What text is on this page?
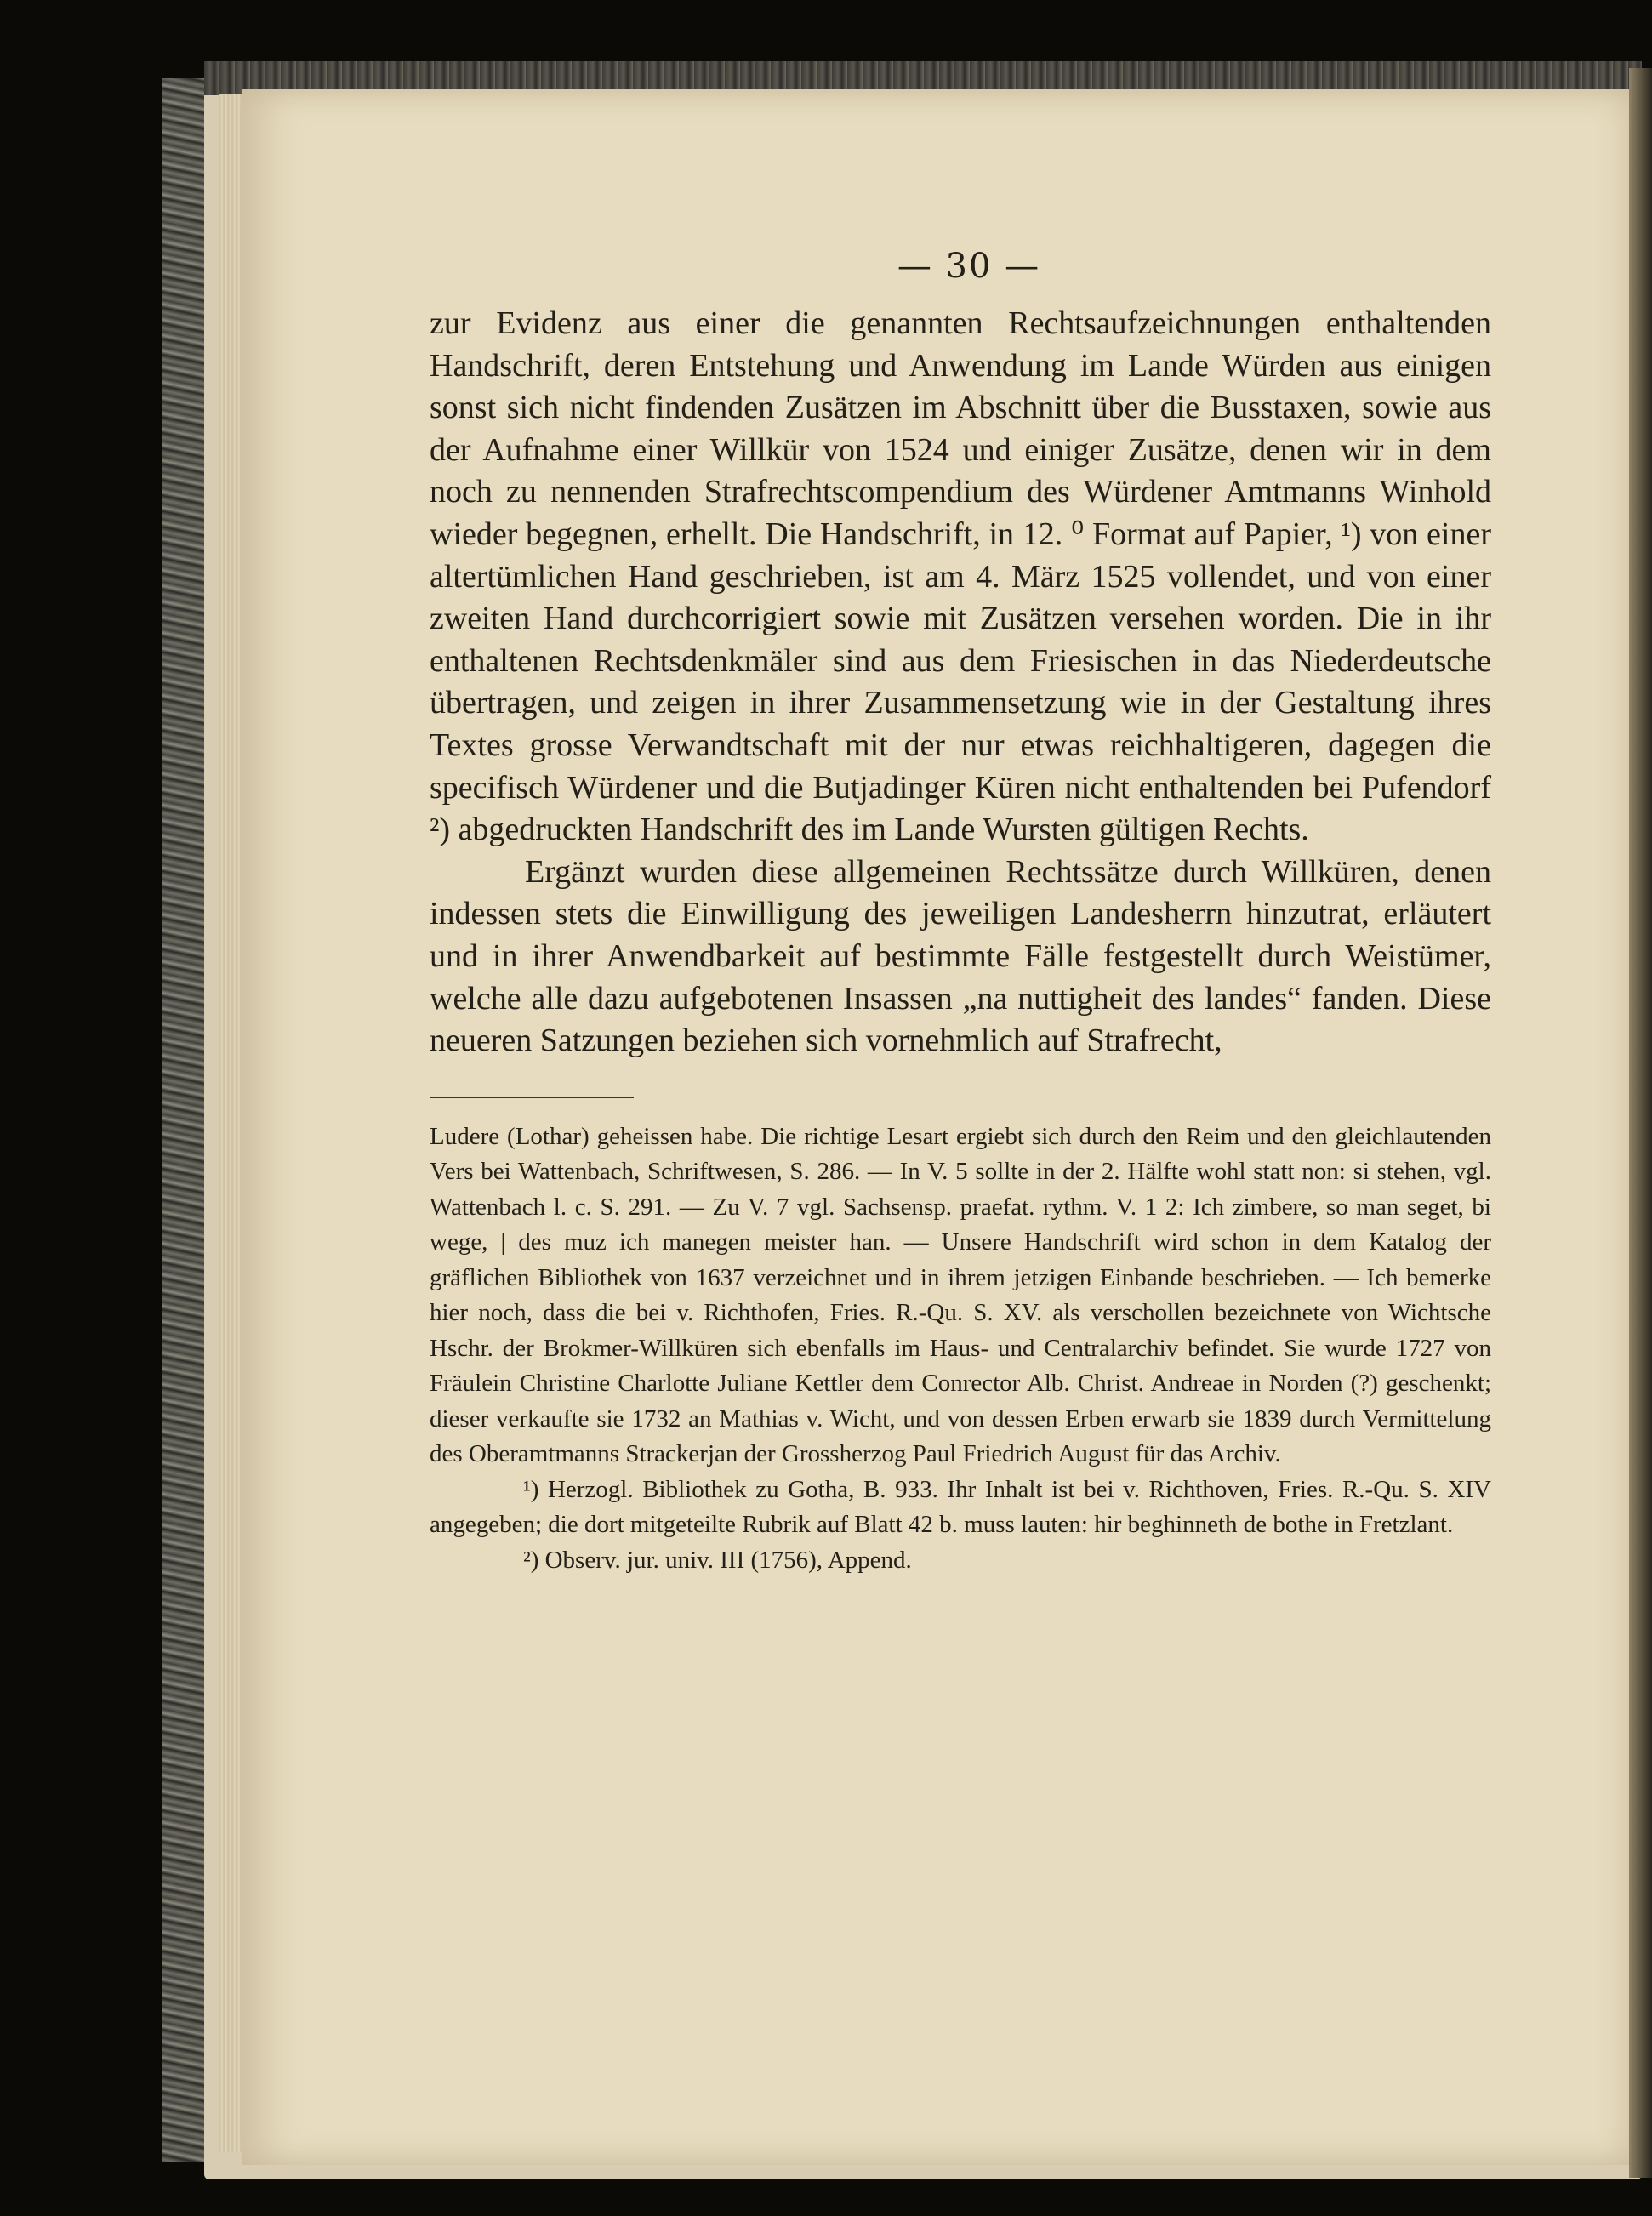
— 30 —

zur Evidenz aus einer die genannten Rechtsaufzeichnungen enthaltenden Handschrift, deren Entstehung und Anwendung im Lande Würden aus einigen sonst sich nicht findenden Zusätzen im Abschnitt über die Busstaxen, sowie aus der Aufnahme einer Willkür von 1524 und einiger Zusätze, denen wir in dem noch zu nennenden Strafrechtscompendium des Würdener Amtmanns Winhold wieder begegnen, erhellt. Die Handschrift, in 12. ⁰ Format auf Papier, ¹) von einer altertümlichen Hand geschrieben, ist am 4. März 1525 vollendet, und von einer zweiten Hand durchcorrigiert sowie mit Zusätzen versehen worden. Die in ihr enthaltenen Rechtsdenkmäler sind aus dem Friesischen in das Niederdeutsche übertragen, und zeigen in ihrer Zusammensetzung wie in der Gestaltung ihres Textes grosse Verwandtschaft mit der nur etwas reichhaltigeren, dagegen die specifisch Würdener und die Butjadinger Küren nicht enthaltenden bei Pufendorf ²) abgedruckten Handschrift des im Lande Wursten gültigen Rechts.

Ergänzt wurden diese allgemeinen Rechtssätze durch Willküren, denen indessen stets die Einwilligung des jeweiligen Landesherrn hinzutrat, erläutert und in ihrer Anwendbarkeit auf bestimmte Fälle festgestellt durch Weistümer, welche alle dazu aufgebotenen Insassen „na nuttigheit des landes“ fanden. Diese neueren Satzungen beziehen sich vornehmlich auf Strafrecht,

Ludere (Lothar) geheissen habe. Die richtige Lesart ergiebt sich durch den Reim und den gleichlautenden Vers bei Wattenbach, Schriftwesen, S. 286. — In V. 5 sollte in der 2. Hälfte wohl statt non: si stehen, vgl. Wattenbach l. c. S. 291. — Zu V. 7 vgl. Sachsensp. praefat. rythm. V. 1 2: Ich zimbere, so man seget, bi wege, | des muz ich manegen meister han. — Unsere Handschrift wird schon in dem Katalog der gräflichen Bibliothek von 1637 verzeichnet und in ihrem jetzigen Einbande beschrieben. — Ich bemerke hier noch, dass die bei v. Richthofen, Fries. R.-Qu. S. XV. als verschollen bezeichnete von Wichtsche Hschr. der Brokmer-Willküren sich ebenfalls im Haus- und Centralarchiv befindet. Sie wurde 1727 von Fräulein Christine Charlotte Juliane Kettler dem Conrector Alb. Christ. Andreae in Norden (?) geschenkt; dieser verkaufte sie 1732 an Mathias v. Wicht, und von dessen Erben erwarb sie 1839 durch Vermittelung des Oberamtmanns Strackerjan der Grossherzog Paul Friedrich August für das Archiv.

¹) Herzogl. Bibliothek zu Gotha, B. 933. Ihr Inhalt ist bei v. Richthoven, Fries. R.-Qu. S. XIV angegeben; die dort mitgeteilte Rubrik auf Blatt 42 b. muss lauten: hir beghinneth de bothe in Fretzlant.

²) Observ. jur. univ. III (1756), Append.
